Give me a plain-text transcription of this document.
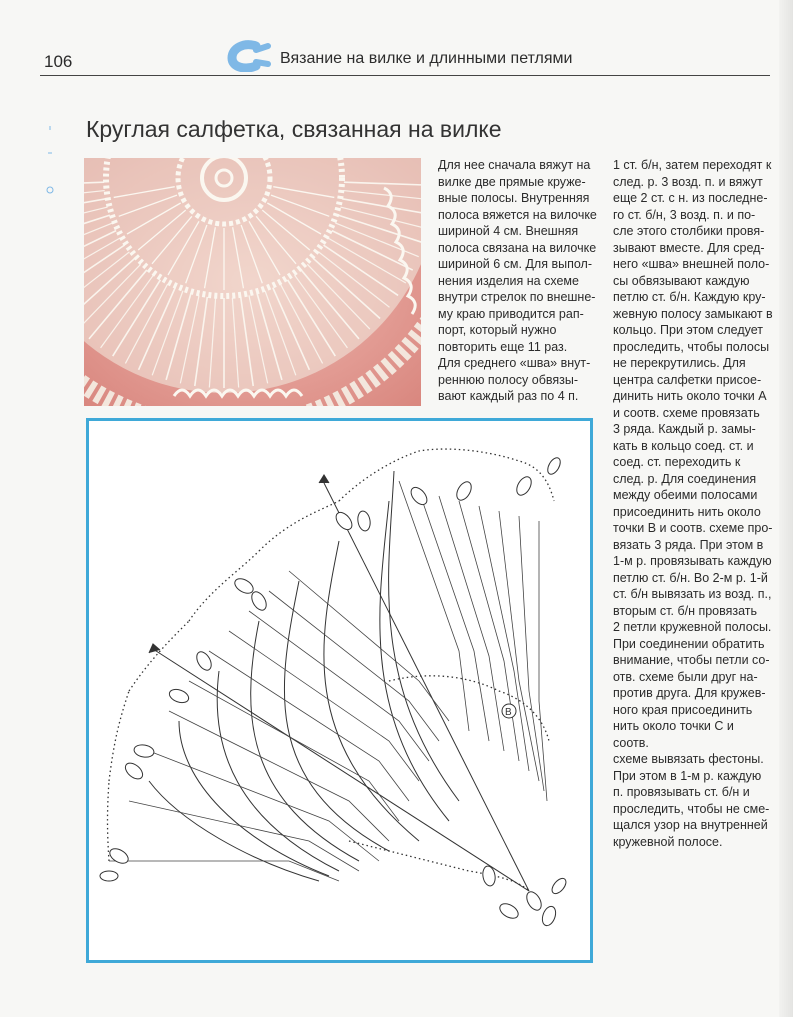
106	Вязание на вилке и длинными петлями
Круглая салфетка, связанная на вилке

Для нее сначала вяжут на
вилке две прямые круже-
вные полосы. Внутренняя
полоса вяжется на вилочке
шириной 4 см. Внешняя
полоса связана на вилочке
шириной 6 см. Для выпол-
нения изделия на схеме
внутри стрелок по внешне-
му краю приводится рап-
порт, который нужно
повторить еще 11 раз.

Для среднего «шва» внут-
реннюю полосу обвязы-
вают каждый раз по 4 п.

1 ст. б/н, затем переходят к
след. р. 3 возд. п. и вяжут
еще 2 ст. с н. из последне-
го ст. б/н, 3 возд. п. и по-
сле этого столбики провя-
зывают вместе. Для сред-
него «шва» внешней поло-
сы обвязывают каждую
петлю ст. б/н. Каждую кру-
жевную полосу замыкают в
кольцо. При этом следует
проследить, чтобы полосы
не перекрутились. Для
центра салфетки присое-
динить нить около точки А
и соотв. схеме провязать
3 ряда. Каждый р. замы-
кать в кольцо соед. ст. и
соед. ст. переходить к
след. р. Для соединения
между обеими полосами
присоединить нить около
точки В и соотв. схеме про-
вязать 3 ряда. При этом в
1-м р. провязывать каждую
петлю ст. б/н. Во 2-м р. 1-й
ст. б/н вывязать из возд. п.,
вторым ст. б/н провязать
2 петли кружевной полосы.
При соединении обратить
внимание, чтобы петли со-
отв. схеме были друг на-
против друга. Для кружев-
ного края присоединить
нить около точки С и соотв.
схеме вывязать фестоны.
При этом в 1-м р. каждую
п. провязывать ст. б/н и
проследить, чтобы не сме-
щался узор на внутренней
кружевной полосе.

В
